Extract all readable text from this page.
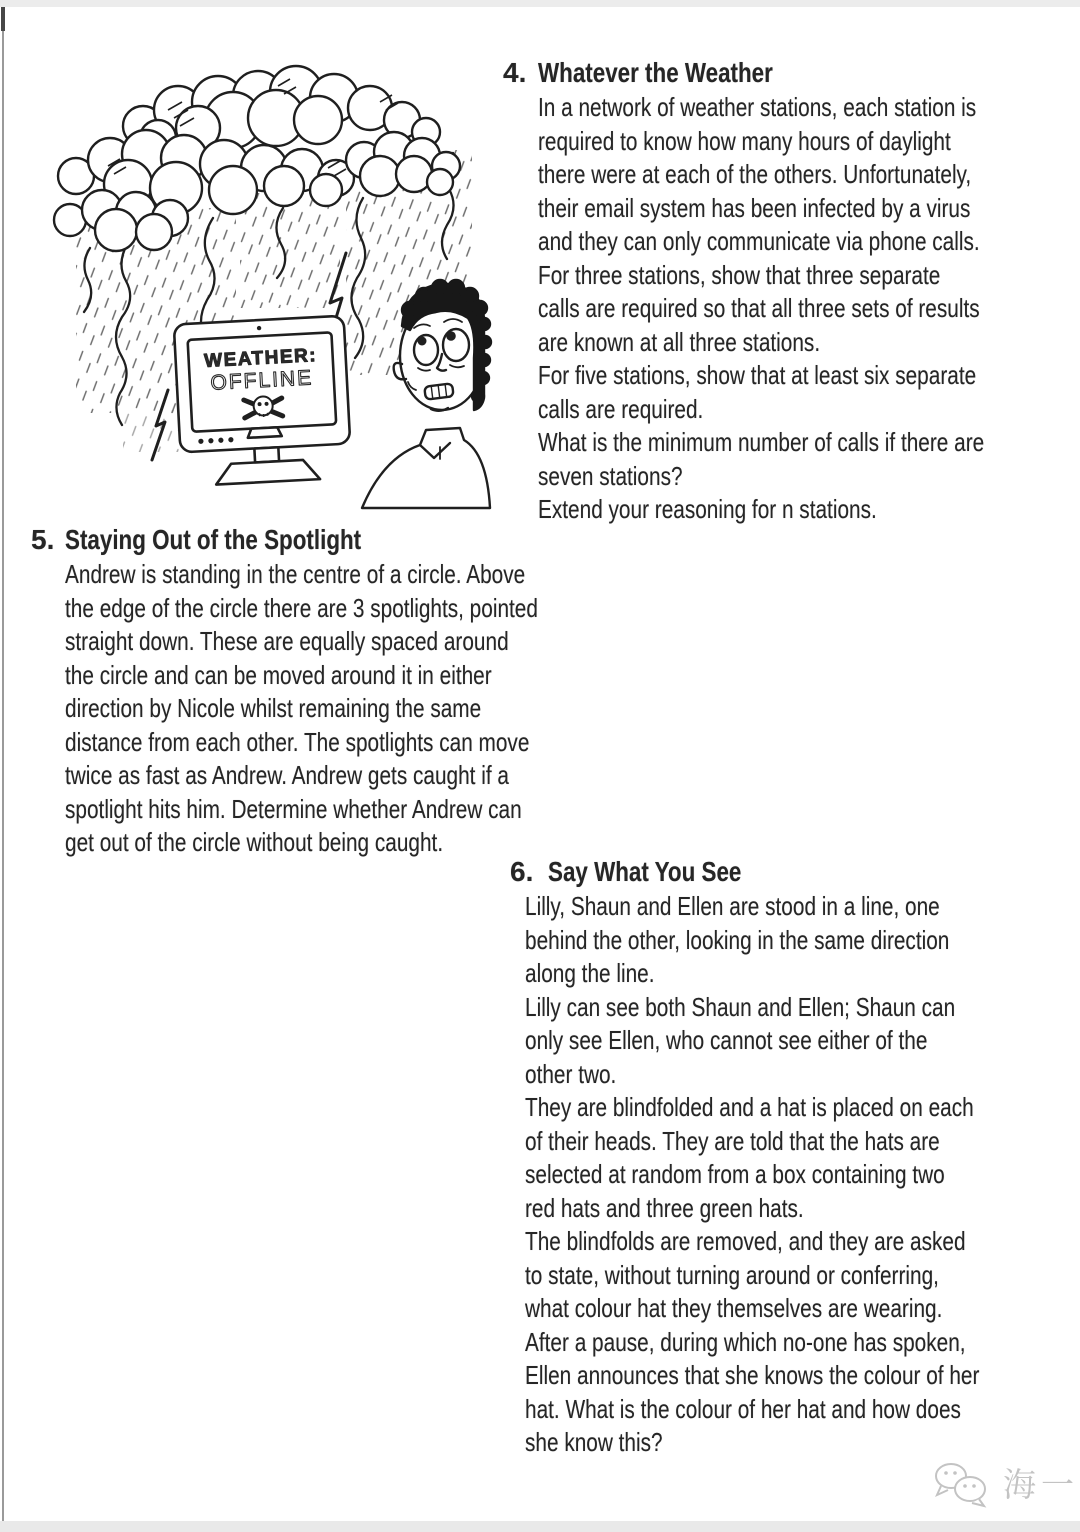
WEATHER:
OFFLINE
4. Whatever the Weather
In a network of weather stations, each station is
required to know how many hours of daylight
there were at each of the others. Unfortunately,
their email system has been infected by a virus
and they can only communicate via phone calls.
For three stations, show that three separate
calls are required so that all three sets of results
are known at all three stations.
For five stations, show that at least six separate
calls are required.
What is the minimum number of calls if there are
seven stations?
Extend your reasoning for n stations.
5. Staying Out of the Spotlight
Andrew is standing in the centre of a circle. Above
the edge of the circle there are 3 spotlights, pointed
straight down. These are equally spaced around
the circle and can be moved around it in either
direction by Nicole whilst remaining the same
distance from each other. The spotlights can move
twice as fast as Andrew. Andrew gets caught if a
spotlight hits him. Determine whether Andrew can
get out of the circle without being caught.
6. Say What You See
Lilly, Shaun and Ellen are stood in a line, one
behind the other, looking in the same direction
along the line.
Lilly can see both Shaun and Ellen; Shaun can
only see Ellen, who cannot see either of the
other two.
They are blindfolded and a hat is placed on each
of their heads. They are told that the hats are
selected at random from a box containing two
red hats and three green hats.
The blindfolds are removed, and they are asked
to state, without turning around or conferring,
what colour hat they themselves are wearing.
After a pause, during which no-one has spoken,
Ellen announces that she knows the colour of her
hat. What is the colour of her hat and how does
she know this?
海一
